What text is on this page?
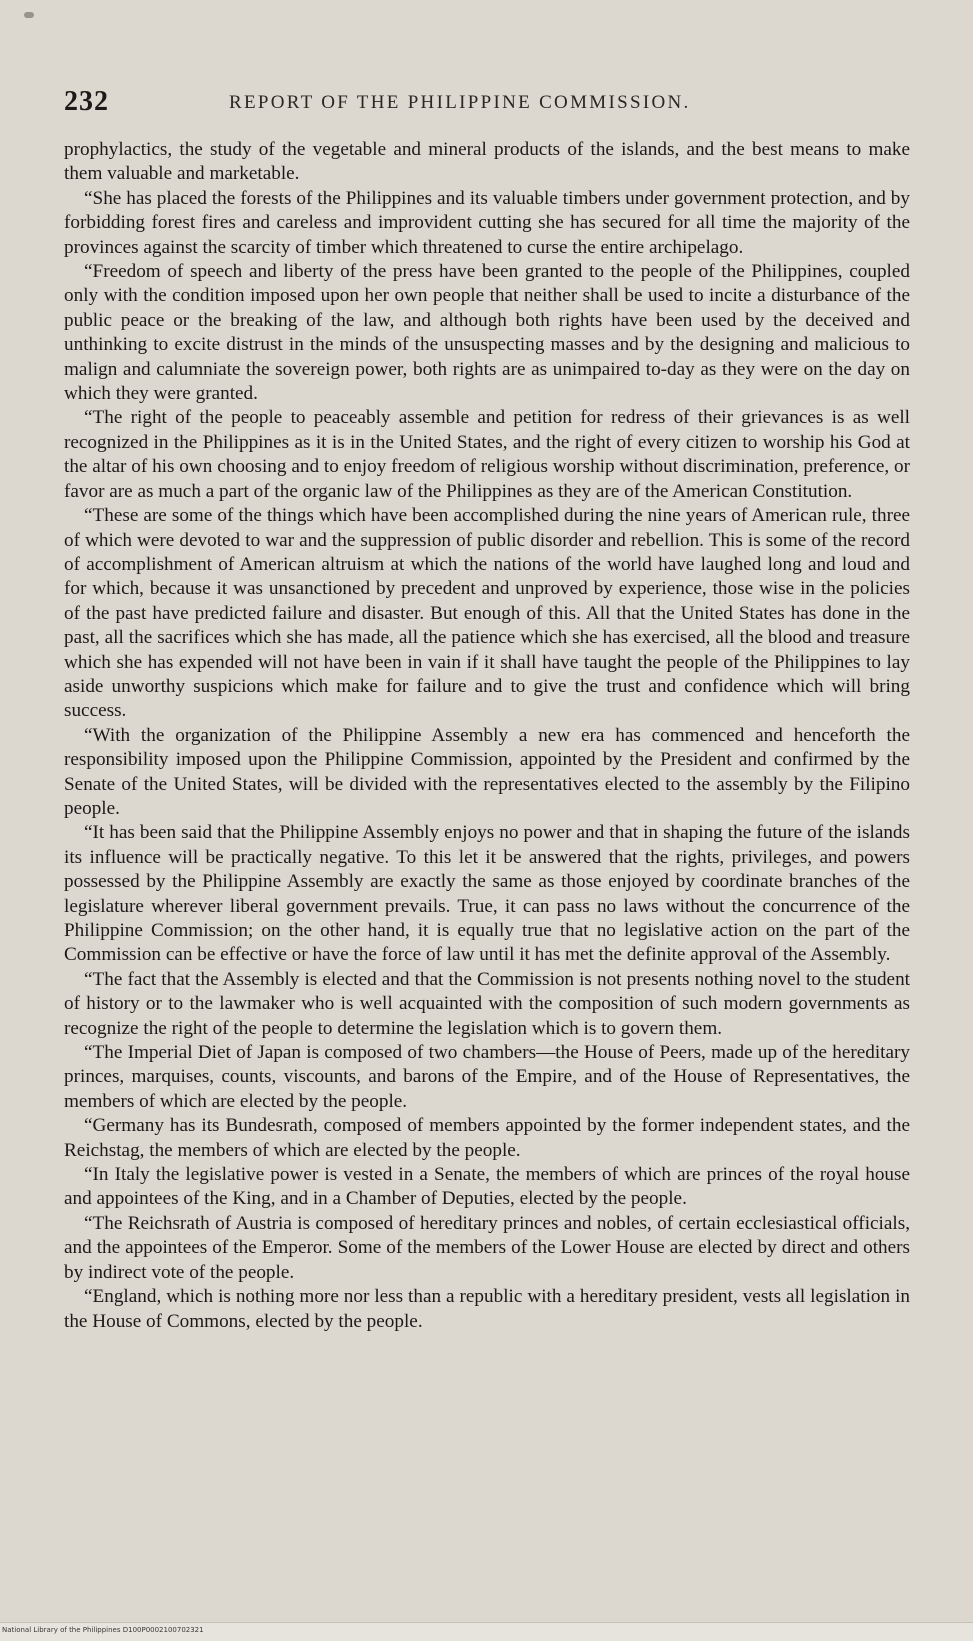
232	REPORT OF THE PHILIPPINE COMMISSION.

prophylactics, the study of the vegetable and mineral products of the islands, and the best means to make them valuable and marketable.

“She has placed the forests of the Philippines and its valuable timbers under government protection, and by forbidding forest fires and careless and improvident cutting she has secured for all time the majority of the provinces against the scarcity of timber which threatened to curse the entire archipelago.

“Freedom of speech and liberty of the press have been granted to the people of the Philippines, coupled only with the condition imposed upon her own people that neither shall be used to incite a disturbance of the public peace or the breaking of the law, and although both rights have been used by the deceived and unthinking to excite distrust in the minds of the unsuspecting masses and by the designing and malicious to malign and calumniate the sovereign power, both rights are as unimpaired to-day as they were on the day on which they were granted.

“The right of the people to peaceably assemble and petition for redress of their grievances is as well recognized in the Philippines as it is in the United States, and the right of every citizen to worship his God at the altar of his own choosing and to enjoy freedom of religious worship without discrimination, preference, or favor are as much a part of the organic law of the Philippines as they are of the American Constitution.

“These are some of the things which have been accomplished during the nine years of American rule, three of which were devoted to war and the suppression of public disorder and rebellion. This is some of the record of accomplishment of American altruism at which the nations of the world have laughed long and loud and for which, because it was unsanctioned by precedent and unproved by experience, those wise in the policies of the past have predicted failure and disaster. But enough of this. All that the United States has done in the past, all the sacrifices which she has made, all the patience which she has exercised, all the blood and treasure which she has expended will not have been in vain if it shall have taught the people of the Philippines to lay aside unworthy suspicions which make for failure and to give the trust and confidence which will bring success.

“With the organization of the Philippine Assembly a new era has commenced and henceforth the responsibility imposed upon the Philippine Commission, appointed by the President and confirmed by the Senate of the United States, will be divided with the representatives elected to the assembly by the Filipino people.

“It has been said that the Philippine Assembly enjoys no power and that in shaping the future of the islands its influence will be practically negative. To this let it be answered that the rights, privileges, and powers possessed by the Philippine Assembly are exactly the same as those enjoyed by coordinate branches of the legislature wherever liberal government prevails. True, it can pass no laws without the concurrence of the Philippine Commission; on the other hand, it is equally true that no legislative action on the part of the Commission can be effective or have the force of law until it has met the definite approval of the Assembly.

“The fact that the Assembly is elected and that the Commission is not presents nothing novel to the student of history or to the lawmaker who is well acquainted with the composition of such modern governments as recognize the right of the people to determine the legislation which is to govern them.

“The Imperial Diet of Japan is composed of two chambers—the House of Peers, made up of the hereditary princes, marquises, counts, viscounts, and barons of the Empire, and of the House of Representatives, the members of which are elected by the people.

“Germany has its Bundesrath, composed of members appointed by the former independent states, and the Reichstag, the members of which are elected by the people.

“In Italy the legislative power is vested in a Senate, the members of which are princes of the royal house and appointees of the King, and in a Chamber of Deputies, elected by the people.

“The Reichsrath of Austria is composed of hereditary princes and nobles, of certain ecclesiastical officials, and the appointees of the Emperor. Some of the members of the Lower House are elected by direct and others by indirect vote of the people.

“England, which is nothing more nor less than a republic with a hereditary president, vests all legislation in the House of Commons, elected by the people.

National Library of the Philippines D100P0002100702321
